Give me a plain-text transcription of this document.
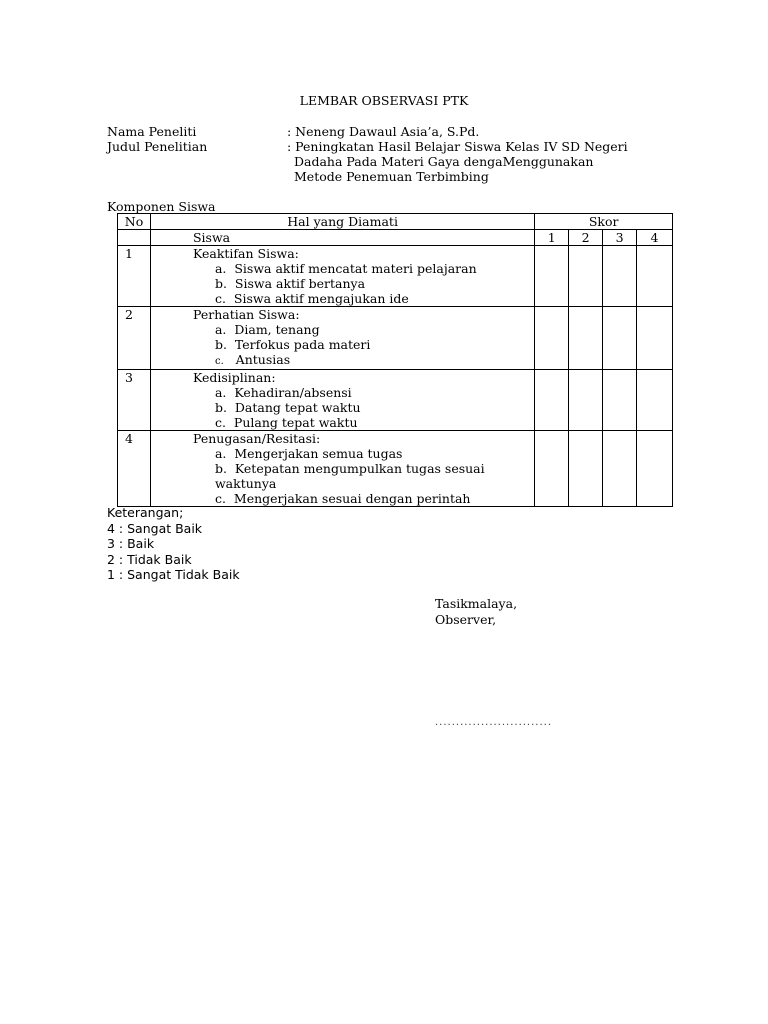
LEMBAR OBSERVASI PTK
Nama Peneliti	: Neneng Dawaul Asia’a, S.Pd.
Judul Penelitian	: Peningkatan Hasil Belajar Siswa Kelas IV SD Negeri
Dadaha Pada Materi Gaya dengaMenggunakan
Metode Penemuan Terbimbing
Komponen Siswa
No	Hal yang Diamati	Skor			
	Siswa	1	2	3	4
1	Keaktifan Siswa:
a. Siswa aktif mencatat materi pelajaran
b. Siswa aktif bertanya
c. Siswa aktif mengajukan ide				

2	Perhatian Siswa:
a. Diam, tenang
b. Terfokus pada materi
c. Antusias				

3	Kedisiplinan:
a. Kehadiran/absensi
b. Datang tepat waktu
c. Pulang tepat waktu				

4	Penugasan/Resitasi:
a. Mengerjakan semua tugas
b. Ketepatan mengumpulkan tugas sesuai waktunya
c. Mengerjakan sesuai dengan perintah				

Keterangan;
4 : Sangat Baik
3 : Baik
2 : Tidak Baik
1 : Sangat Tidak Baik
Tasikmalaya,
Observer,
............................
